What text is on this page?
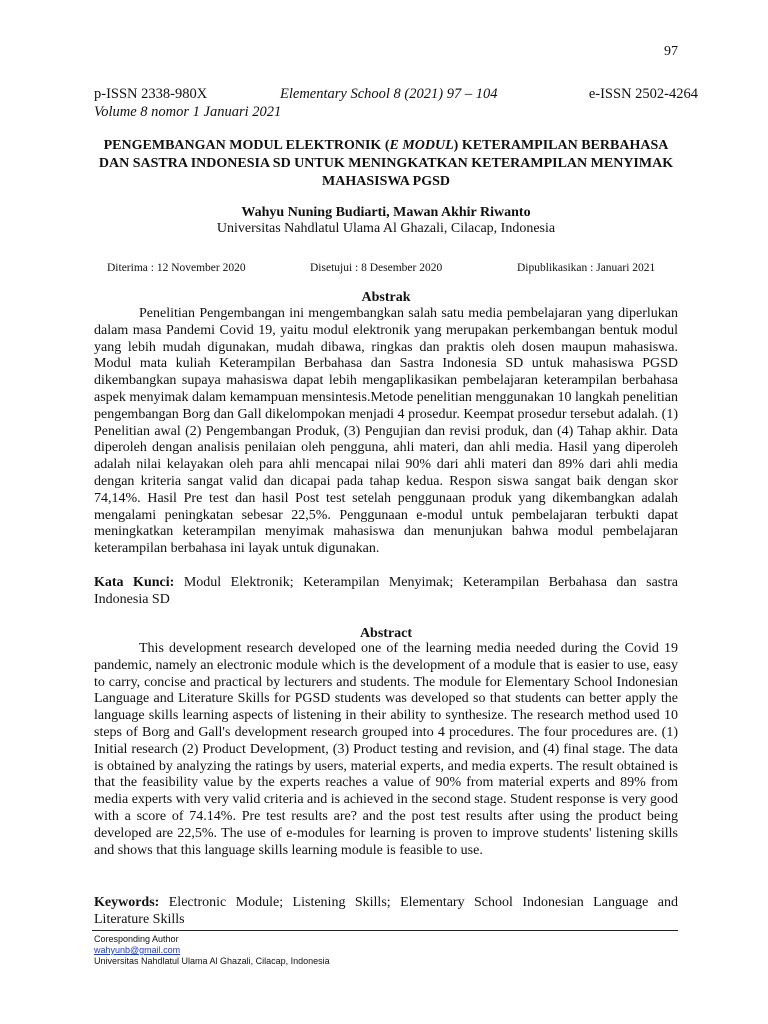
97
p-ISSN 2338-980X	Elementary School 8 (2021) 97 – 104	e-ISSN 2502-4264
Volume 8 nomor 1 Januari 2021
PENGEMBANGAN MODUL ELEKTRONIK (E MODUL) KETERAMPILAN BERBAHASA DAN SASTRA INDONESIA SD UNTUK MENINGKATKAN KETERAMPILAN MENYIMAK MAHASISWA PGSD
Wahyu Nuning Budiarti, Mawan Akhir Riwanto
Universitas Nahdlatul Ulama Al Ghazali, Cilacap, Indonesia
Diterima : 12 November 2020	Disetujui : 8 Desember 2020	Dipublikasikan : Januari 2021
Abstrak

Penelitian Pengembangan ini mengembangkan salah satu media pembelajaran yang diperlukan dalam masa Pandemi Covid 19, yaitu modul elektronik yang merupakan perkembangan bentuk modul yang lebih mudah digunakan, mudah dibawa, ringkas dan praktis oleh dosen maupun mahasiswa. Modul mata kuliah Keterampilan Berbahasa dan Sastra Indonesia SD untuk mahasiswa PGSD dikembangkan supaya mahasiswa dapat lebih mengaplikasikan pembelajaran keterampilan berbahasa aspek menyimak dalam kemampuan mensintesis.Metode penelitian menggunakan 10 langkah penelitian pengembangan Borg dan Gall dikelompokan menjadi 4 prosedur. Keempat prosedur tersebut adalah. (1) Penelitian awal (2) Pengembangan Produk, (3) Pengujian dan revisi produk, dan (4) Tahap akhir. Data diperoleh dengan analisis penilaian oleh pengguna, ahli materi, dan ahli media. Hasil yang diperoleh adalah nilai kelayakan oleh para ahli mencapai nilai 90% dari ahli materi dan 89% dari ahli media dengan kriteria sangat valid dan dicapai pada tahap kedua. Respon siswa sangat baik dengan skor 74,14%. Hasil Pre test dan hasil Post test setelah penggunaan produk yang dikembangkan adalah mengalami peningkatan sebesar 22,5%. Penggunaan e-modul untuk pembelajaran terbukti dapat meningkatkan keterampilan menyimak mahasiswa dan menunjukan bahwa modul pembelajaran keterampilan berbahasa ini layak untuk digunakan.

Kata Kunci: Modul Elektronik; Keterampilan Menyimak; Keterampilan Berbahasa dan sastra Indonesia SD

Abstract

This development research developed one of the learning media needed during the Covid 19 pandemic, namely an electronic module which is the development of a module that is easier to use, easy to carry, concise and practical by lecturers and students. The module for Elementary School Indonesian Language and Literature Skills for PGSD students was developed so that students can better apply the language skills learning aspects of listening in their ability to synthesize. The research method used 10 steps of Borg and Gall's development research grouped into 4 procedures. The four procedures are. (1) Initial research (2) Product Development, (3) Product testing and revision, and (4) final stage. The data is obtained by analyzing the ratings by users, material experts, and media experts. The result obtained is that the feasibility value by the experts reaches a value of 90% from material experts and 89% from media experts with very valid criteria and is achieved in the second stage. Student response is very good with a score of 74.14%. Pre test results are? and the post test results after using the product being developed are 22,5%. The use of e-modules for learning is proven to improve students' listening skills and shows that this language skills learning module is feasible to use.

Keywords: Electronic Module; Listening Skills; Elementary School Indonesian Language and Literature Skills

Coresponding Author
wahyunb@gmail.com
Universitas Nahdlatul Ulama Al Ghazali, Cilacap, Indonesia
